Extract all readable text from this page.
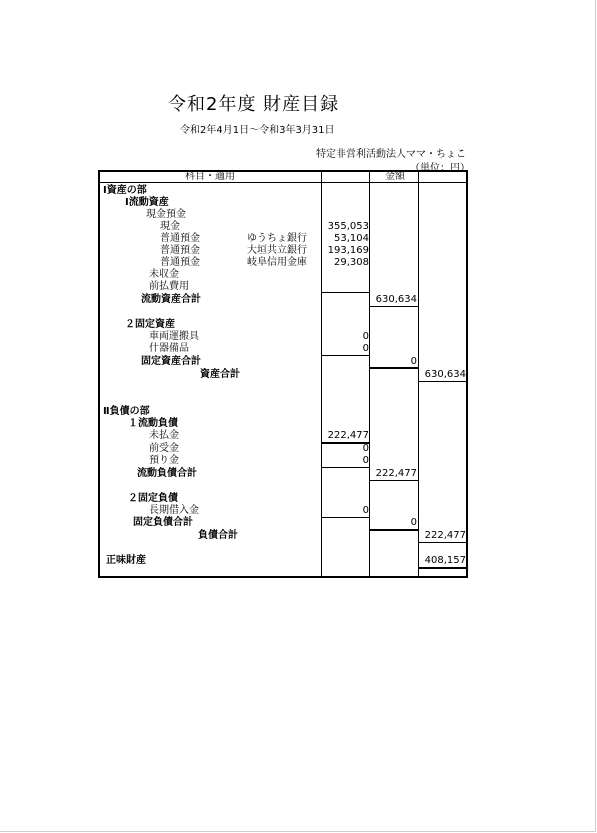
令和2年度 財産目録
令和2年4月1日～令和3年3月31日
特定非営利活動法人ママ・ちょこ
（単位：円）
科目・適用	金額
Ⅰ資産の部
Ⅰ流動資産
現金預金
現金	355,053
普通預金	ゆうちょ銀行	53,104
普通預金	大垣共立銀行 193,169
普通預金	岐阜信用金庫	29,308
未収金
前払費用
流動資産合計	630,634
２固定資産
車両運搬具	0
什器備品	0
固定資産合計	0
資産合計	630,634
Ⅱ負債の部
１流動負債
未払金	222,477
前受金	0
預り金	0
流動負債合計	222,477
２固定負債
長期借入金	0
固定負債合計	0
負債合計	222,477
正味財産	408,157
